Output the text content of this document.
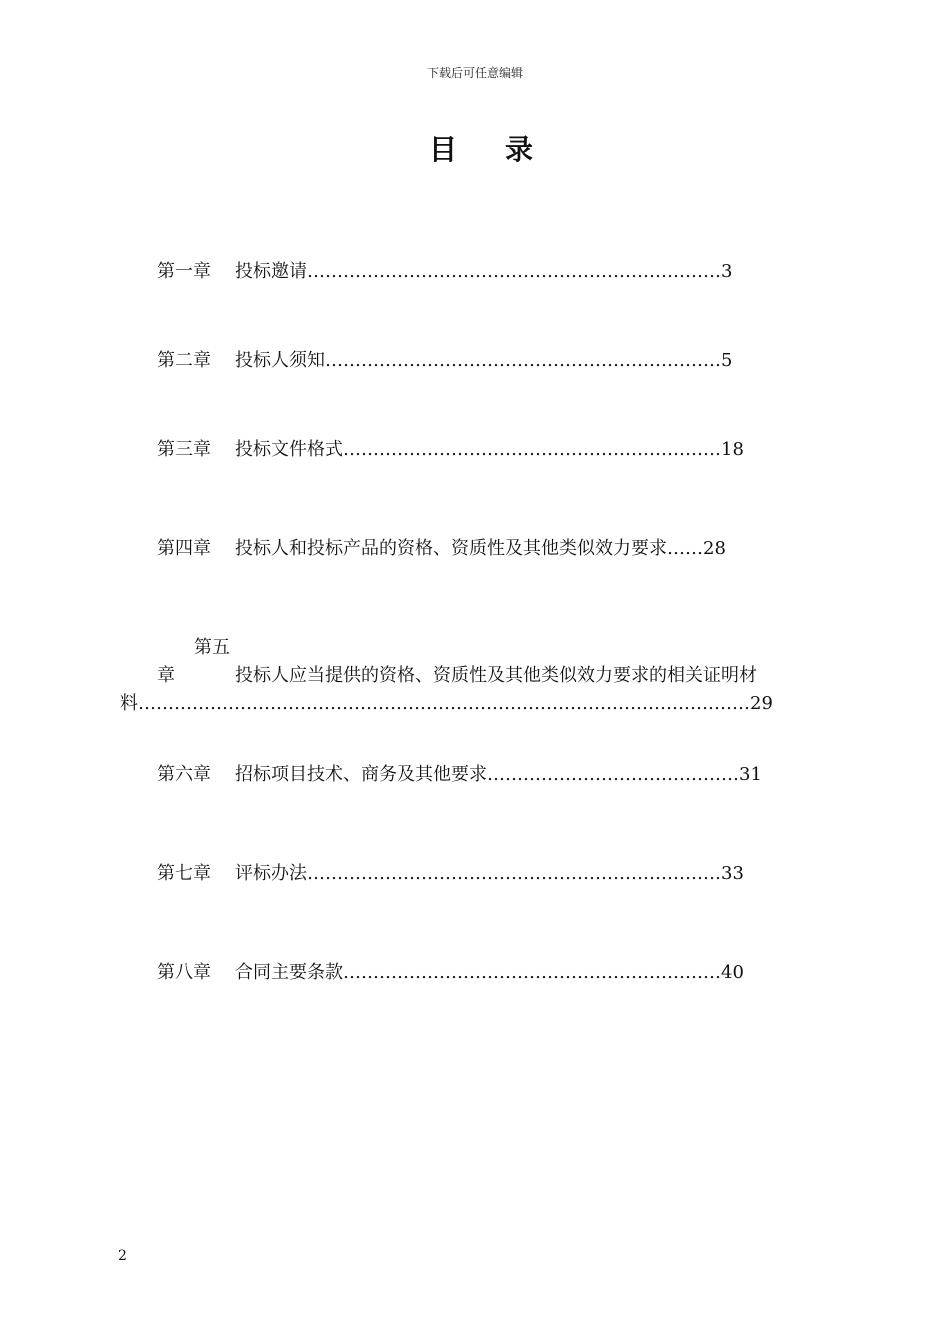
下载后可任意编辑
目录
第一章 投标邀请……………………………………………………………3
第二章 投标人须知…………………………………………………………5
第三章 投标文件格式………………………………………………………18
第四章 投标人和投标产品的资格、资质性及其他类似效力要求……28
第五章	投标人应当提供的资格、资质性及其他类似效力要求的相关证明材料…………………………………………………………………………………………29
第六章 招标项目技术、商务及其他要求……………………………………31
第七章 评标办法……………………………………………………………33
第八章 合同主要条款………………………………………………………40
2
